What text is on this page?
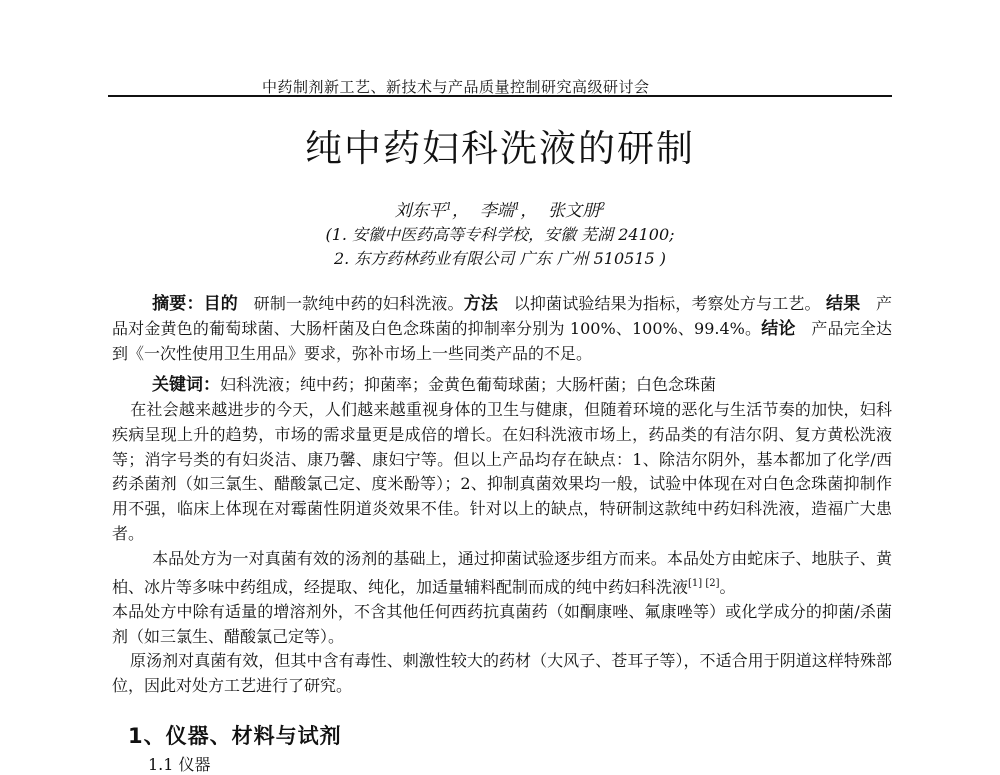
中药制剂新工艺、新技术与产品质量控制研究高级研讨会
纯中药妇科洗液的研制
刘东平$^1$， 李端$^1$， 张文朋$^2$
(1. 安徽中医药高等专科学校，安徽 芜湖 24100;
2. 东方药林药业有限公司 广东 广州 510515 )
摘要：目的 研制一款纯中药的妇科洗液。方法 以抑菌试验结果为指标，考察处方与工艺。 结果 产品对金黄色的葡萄球菌、大肠杆菌及白色念珠菌的抑制率分别为 100%、100%、99.4%。结论 产品完全达到《一次性使用卫生用品》要求，弥补市场上一些同类产品的不足。
关键词：妇科洗液；纯中药；抑菌率；金黄色葡萄球菌；大肠杆菌；白色念珠菌
在社会越来越进步的今天，人们越来越重视身体的卫生与健康，但随着环境的恶化与生活节奏的加快，妇科疾病呈现上升的趋势，市场的需求量更是成倍的增长。在妇科洗液市场上，药品类的有洁尔阴、复方黄松洗液等；消字号类的有妇炎洁、康乃馨、康妇宁等。但以上产品均存在缺点：1、除洁尔阴外，基本都加了化学/西药杀菌剂（如三氯生、醋酸氯己定、度米酚等）；2、抑制真菌效果均一般，试验中体现在对白色念珠菌抑制作用不强，临床上体现在对霉菌性阴道炎效果不佳。针对以上的缺点，特研制这款纯中药妇科洗液，造福广大患者。
本品处方为一对真菌有效的汤剂的基础上，通过抑菌试验逐步组方而来。本品处方由蛇床子、地肤子、黄柏、冰片等多味中药组成，经提取、纯化，加适量辅料配制而成的纯中药妇科洗液[1] [2]。
本品处方中除有适量的增溶剂外，不含其他任何西药抗真菌药（如酮康唑、氟康唑等）或化学成分的抑菌/杀菌剂（如三氯生、醋酸氯己定等）。
原汤剂对真菌有效，但其中含有毒性、刺激性较大的药材（大风子、苍耳子等），不适合用于阴道这样特殊部位，因此对处方工艺进行了研究。
1、仪器、材料与试剂
1.1 仪器
